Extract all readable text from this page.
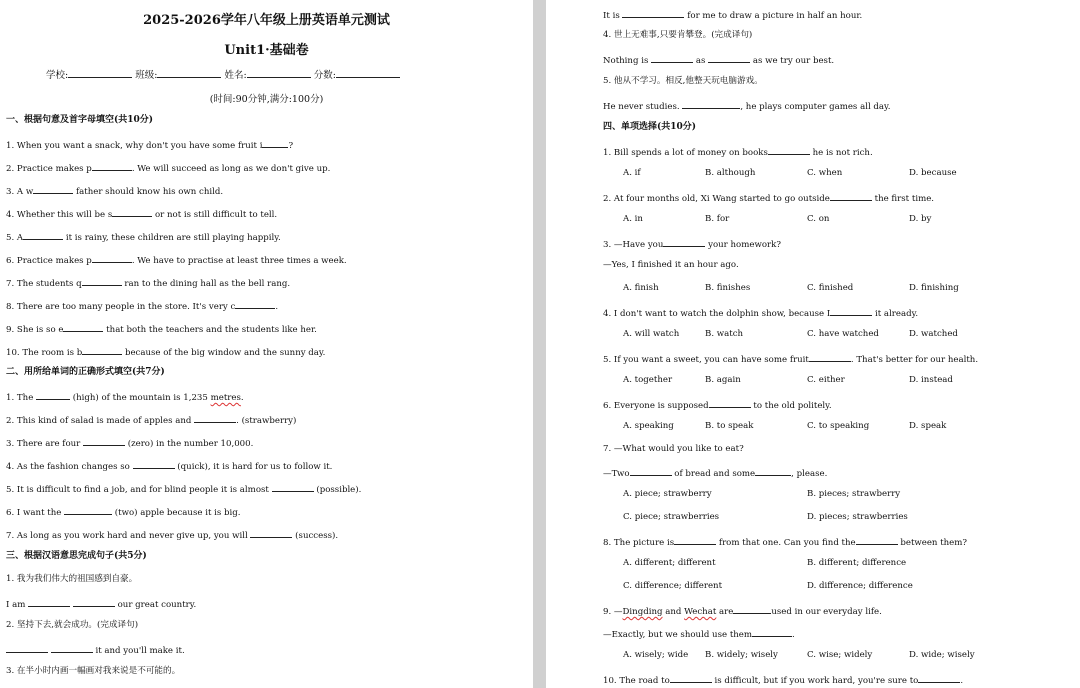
2025-2026学年八年级上册英语单元测试
Unit1·基础卷
学校:	班级:	姓名:	分数:
(时间:90分钟,满分:100分)
一、根据句意及首字母填空(共10分)
1. When you want a snack, why don't you have some fruit i	?
2. Practice makes p	. We will succeed as long as we don't give up.
3. A w	father should know his own child.
4. Whether this will be s	or not is still difficult to tell.
5. A	it is rainy, these children are still playing happily.
6. Practice makes p	. We have to practise at least three times a week.
7. The students q	ran to the dining hall as the bell rang.
8. There are too many people in the store. It's very c	.
9. She is so e	that both the teachers and the students like her.
10. The room is b	because of the big window and the sunny day.
二、用所给单词的正确形式填空(共7分)
1. The	(high) of the mountain is 1,235 metres.
2. This kind of salad is made of apples and	. (strawberry)
3. There are four	(zero) in the number 10,000.
4. As the fashion changes so	(quick), it is hard for us to follow it.
5. It is difficult to find a job, and for blind people it is almost	(possible).
6. I want the	(two) apple because it is big.
7. As long as you work hard and never give up, you will	(success).
三、根据汉语意思完成句子(共5分)
1. 我为我们伟大的祖国感到自豪。
I am	our great country.
2. 坚持下去,就会成功。(完成译句)
it and you'll make it.
3. 在半小时内画一幅画对我来说是不可能的。
It is	for me to draw a picture in half an hour.
4. 世上无难事,只要肯攀登。(完成译句)
Nothing is	as	as we try our best.
5. 他从不学习。相反,他整天玩电脑游戏。
He never studies.	, he plays computer games all day.
四、单项选择(共10分)
1. Bill spends a lot of money on books	he is not rich.
A. if	B. although	C. when	D. because
2. At four months old, Xi Wang started to go outside	the first time.
A. in	B. for	C. on	D. by
3. —Have you	your homework?
—Yes, I finished it an hour ago.
A. finish	B. finishes	C. finished	D. finishing
4. I don't want to watch the dolphin show, because I	it already.
A. will watch	B. watch	C. have watched	D. watched
5. If you want a sweet, you can have some fruit	. That's better for our health.
A. together	B. again	C. either	D. instead
6. Everyone is supposed	to the old politely.
A. speaking	B. to speak	C. to speaking	D. speak
7. —What would you like to eat?
—Two	of bread and some	, please.
A. piece; strawberry	B. pieces; strawberry
C. piece; strawberries	D. pieces; strawberries
8. The picture is	from that one. Can you find the	between them?
A. different; different	B. different; difference
C. difference; different	D. difference; difference
9. —Dingding and Wechat are	used in our everyday life.
—Exactly, but we should use them	.
A. wisely; wide B. widely; wisely	C. wise; widely	D. wide; wisely
10. The road to	is difficult, but if you work hard, you're sure to	.
